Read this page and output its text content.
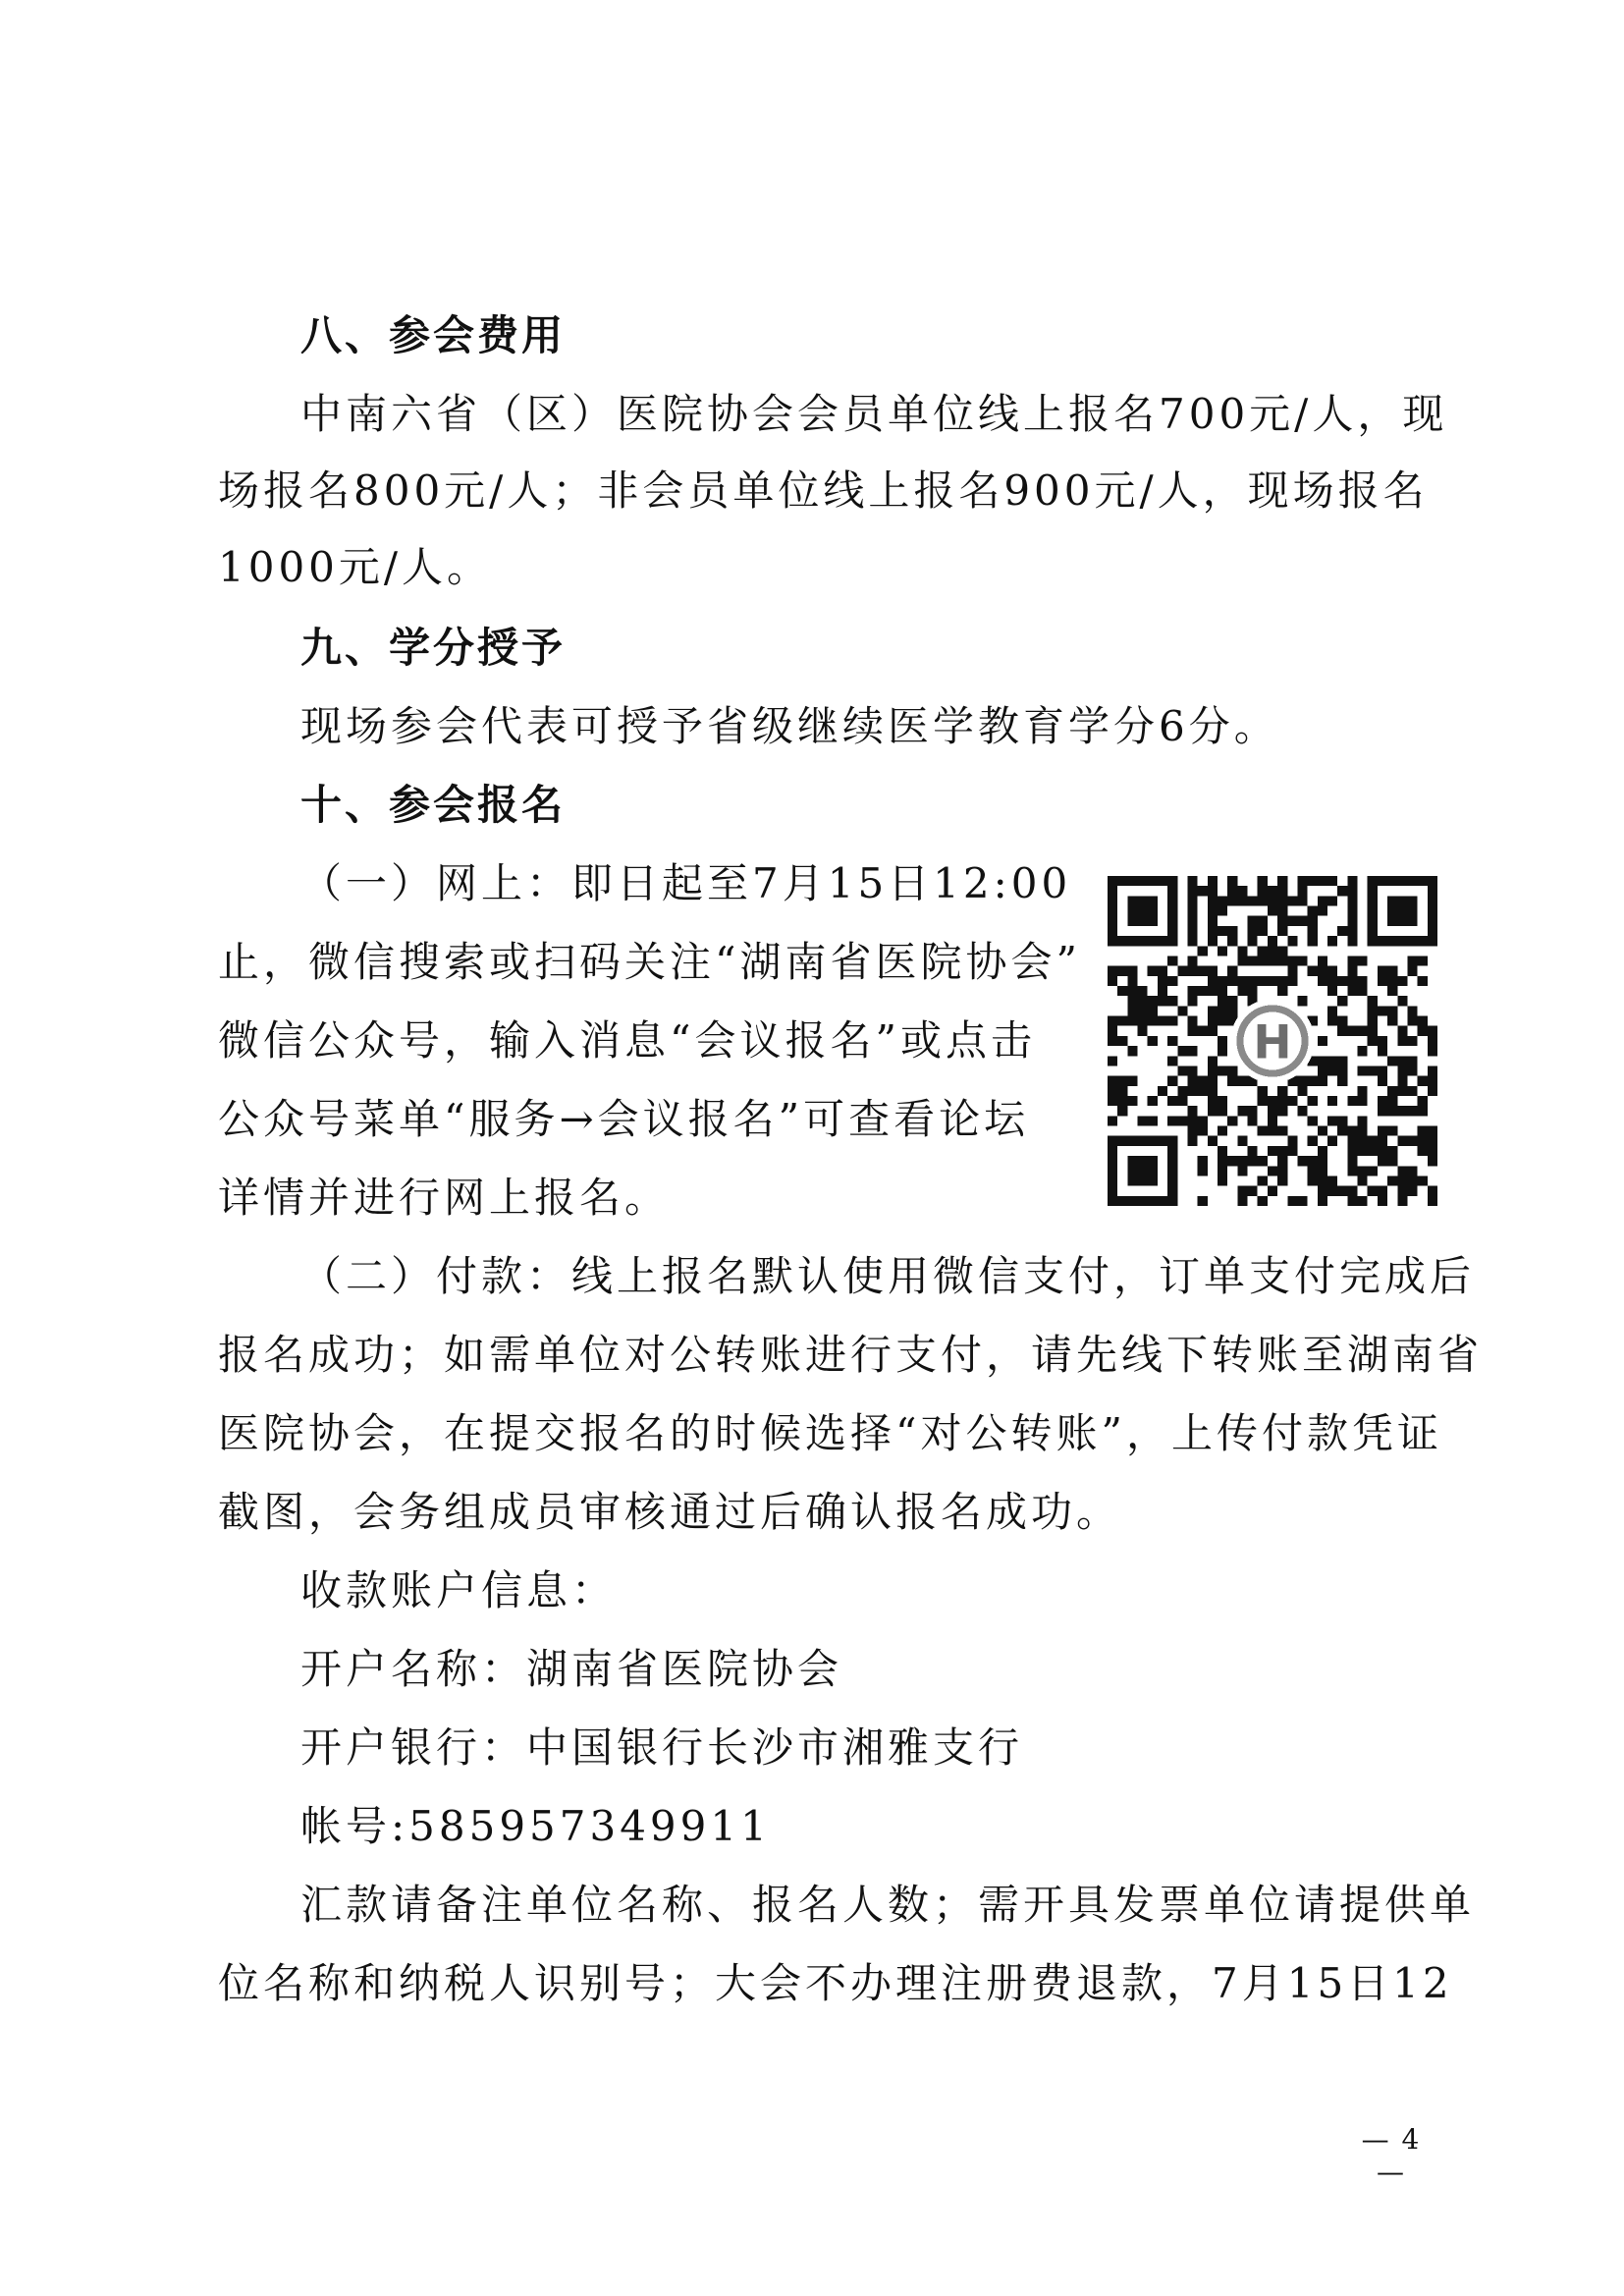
八、参会费用
中南六省（区）医院协会会员单位线上报名700元/人，现
场报名800元/人；非会员单位线上报名900元/人，现场报名
1000元/人。
九、学分授予
现场参会代表可授予省级继续医学教育学分6分。
十、参会报名
（一）网上：即日起至7月15日12:00
止，微信搜索或扫码关注“湖南省医院协会”
微信公众号，输入消息“会议报名”或点击
公众号菜单“服务→会议报名”可查看论坛
详情并进行网上报名。
H
（二）付款：线上报名默认使用微信支付，订单支付完成后
报名成功；如需单位对公转账进行支付，请先线下转账至湖南省
医院协会，在提交报名的时候选择“对公转账”，上传付款凭证
截图，会务组成员审核通过后确认报名成功。
收款账户信息：
开户名称：湖南省医院协会
开户银行：中国银行长沙市湘雅支行
帐号:585957349911
汇款请备注单位名称、报名人数；需开具发票单位请提供单
位名称和纳税人识别号；大会不办理注册费退款，7月15日12
— 4 —
